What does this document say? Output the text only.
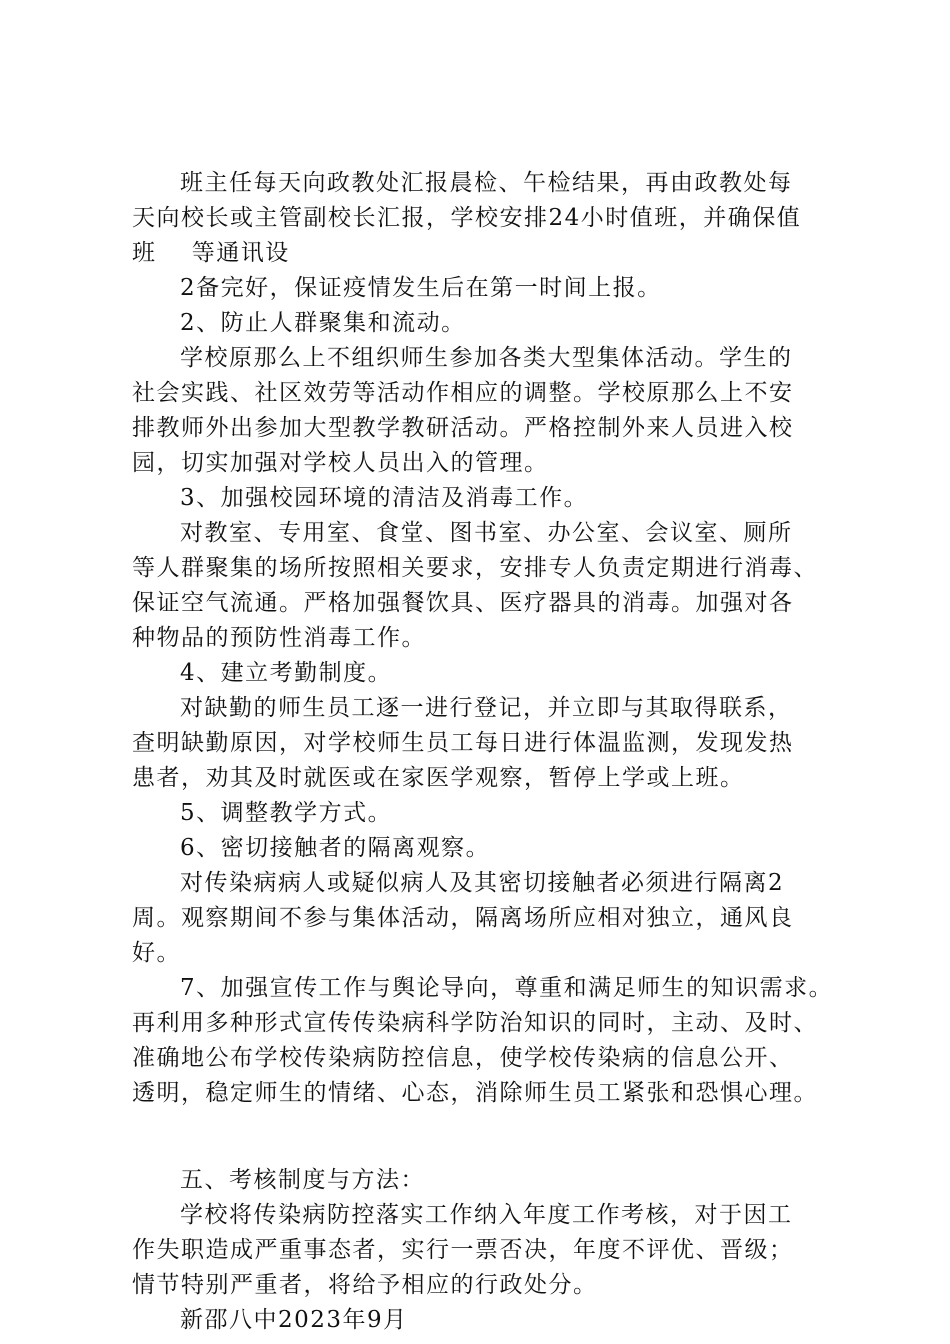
班主任每天向政教处汇报晨检、午检结果，再由政教处每
天向校长或主管副校长汇报，学校安排24小时值班，并确保值
班    等通讯设
2备完好，保证疫情发生后在第一时间上报。
2、防止人群聚集和流动。
学校原那么上不组织师生参加各类大型集体活动。学生的
社会实践、社区效劳等活动作相应的调整。学校原那么上不安
排教师外出参加大型教学教研活动。严格控制外来人员进入校
园，切实加强对学校人员出入的管理。
3、加强校园环境的清洁及消毒工作。
对教室、专用室、食堂、图书室、办公室、会议室、厕所
等人群聚集的场所按照相关要求，安排专人负责定期进行消毒、
保证空气流通。严格加强餐饮具、医疗器具的消毒。加强对各
种物品的预防性消毒工作。
4、建立考勤制度。
对缺勤的师生员工逐一进行登记，并立即与其取得联系，
查明缺勤原因，对学校师生员工每日进行体温监测，发现发热
患者，劝其及时就医或在家医学观察，暂停上学或上班。
5、调整教学方式。
6、密切接触者的隔离观察。
对传染病病人或疑似病人及其密切接触者必须进行隔离2
周。观察期间不参与集体活动，隔离场所应相对独立，通风良
好。
7、加强宣传工作与舆论导向，尊重和满足师生的知识需求。
再利用多种形式宣传传染病科学防治知识的同时，主动、及时、
准确地公布学校传染病防控信息，使学校传染病的信息公开、
透明，稳定师生的情绪、心态，消除师生员工紧张和恐惧心理。
五、考核制度与方法：
学校将传染病防控落实工作纳入年度工作考核，对于因工
作失职造成严重事态者，实行一票否决，年度不评优、晋级；
情节特别严重者，将给予相应的行政处分。
新邵八中2023年9月
